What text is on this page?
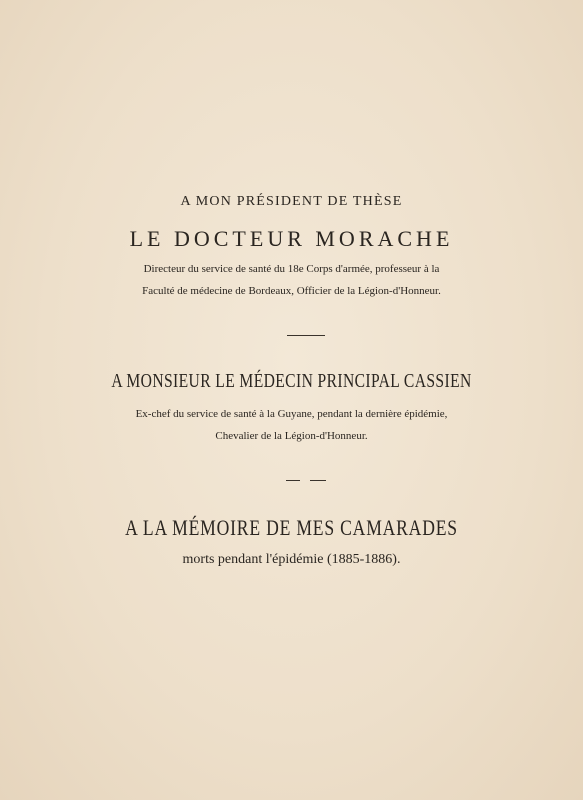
A MON PRÉSIDENT DE THÈSE
LE DOCTEUR MORACHE
Directeur du service de santé du 18e Corps d'armée, professeur à la
Faculté de médecine de Bordeaux, Officier de la Légion-d'Honneur.
A MONSIEUR LE MÉDECIN PRINCIPAL CASSIEN
Ex-chef du service de santé à la Guyane, pendant la dernière épidémie,
Chevalier de la Légion-d'Honneur.
A LA MÉMOIRE DE MES CAMARADES
morts pendant l'épidémie (1885-1886).
